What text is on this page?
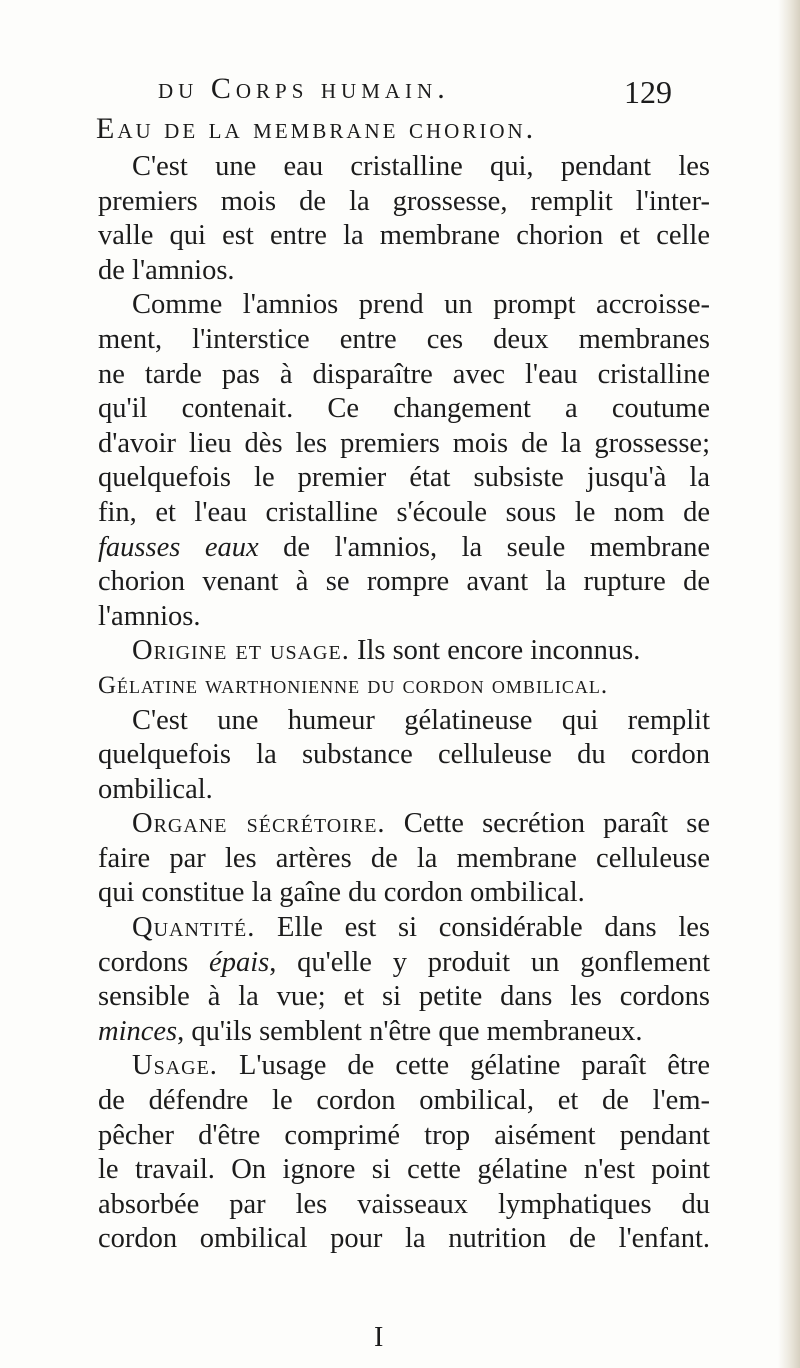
du Corps humain.	129
Eau de la membrane chorion.
C'est une eau cristalline qui, pendant les
premiers mois de la grossesse, remplit l'inter-
valle qui est entre la membrane chorion et celle
de l'amnios.
Comme l'amnios prend un prompt accroisse-
ment, l'interstice entre ces deux membranes
ne tarde pas à disparaître avec l'eau cristalline
qu'il contenait. Ce changement a coutume
d'avoir lieu dès les premiers mois de la grossesse;
quelquefois le premier état subsiste jusqu'à la
fin, et l'eau cristalline s'écoule sous le nom de
fausses eaux de l'amnios, la seule membrane
chorion venant à se rompre avant la rupture de
l'amnios.
Origine et usage. Ils sont encore inconnus.
Gélatine warthonienne du cordon ombilical.
C'est une humeur gélatineuse qui remplit
quelquefois la substance celluleuse du cordon
ombilical.
Organe sécrétoire. Cette secrétion paraît se
faire par les artères de la membrane celluleuse
qui constitue la gaîne du cordon ombilical.
Quantité. Elle est si considérable dans les
cordons épais, qu'elle y produit un gonflement
sensible à la vue; et si petite dans les cordons
minces, qu'ils semblent n'être que membraneux.
Usage. L'usage de cette gélatine paraît être
de défendre le cordon ombilical, et de l'em-
pêcher d'être comprimé trop aisément pendant
le travail. On ignore si cette gélatine n'est point
absorbée par les vaisseaux lymphatiques du
cordon ombilical pour la nutrition de l'enfant.
I
